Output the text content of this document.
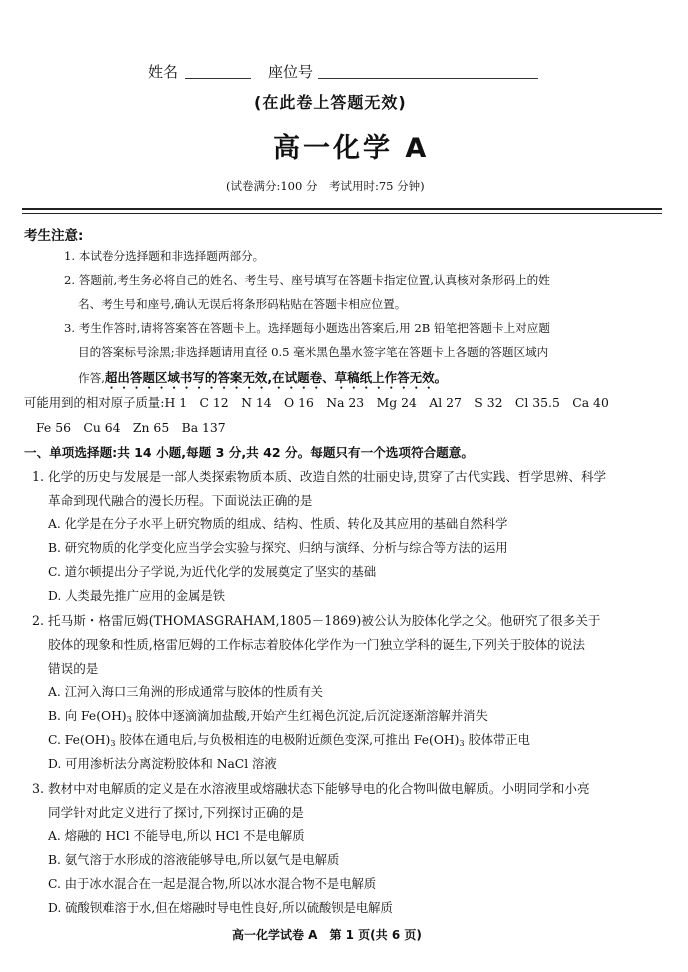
姓名	座位号
(在此卷上答题无效)
高一化学 A
(试卷满分:100 分　考试用时:75 分钟)
考生注意:
1. 本试卷分选择题和非选择题两部分。
2. 答题前,考生务必将自己的姓名、考生号、座号填写在答题卡指定位置,认真核对条形码上的姓
名、考生号和座号,确认无误后将条形码粘贴在答题卡相应位置。
3. 考生作答时,请将答案答在答题卡上。选择题每小题选出答案后,用 2B 铅笔把答题卡上对应题
目的答案标号涂黑;非选择题请用直径 0.5 毫米黑色墨水签字笔在答题卡上各题的答题区域内
作答,超出答题区域书写的答案无效,在试题卷、草稿纸上作答无效。
可能用到的相对原子质量:H 1　C 12　N 14　O 16　Na 23　Mg 24　Al 27　S 32　Cl 35.5　Ca 40
Fe 56　Cu 64　Zn 65　Ba 137
一、单项选择题:共 14 小题,每题 3 分,共 42 分。每题只有一个选项符合题意。
1. 化学的历史与发展是一部人类探索物质本质、改造自然的壮丽史诗,贯穿了古代实践、哲学思辨、科学
革命到现代融合的漫长历程。下面说法正确的是
A. 化学是在分子水平上研究物质的组成、结构、性质、转化及其应用的基础自然科学
B. 研究物质的化学变化应当学会实验与探究、归纳与演绎、分析与综合等方法的运用
C. 道尔顿提出分子学说,为近代化学的发展奠定了坚实的基础
D. 人类最先推广应用的金属是铁
2. 托马斯・格雷厄姆(THOMASGRAHAM,1805－1869)被公认为胶体化学之父。他研究了很多关于
胶体的现象和性质,格雷厄姆的工作标志着胶体化学作为一门独立学科的诞生,下列关于胶体的说法
错误的是
A. 江河入海口三角洲的形成通常与胶体的性质有关
B. 向 $Fe(OH)_3$ 胶体中逐滴滴加盐酸,开始产生红褐色沉淀,后沉淀逐渐溶解并消失
C. $Fe(OH)_3$ 胶体在通电后,与负极相连的电极附近颜色变深,可推出 $Fe(OH)_3$ 胶体带正电
D. 可用渗析法分离淀粉胶体和 NaCl 溶液
3. 教材中对电解质的定义是在水溶液里或熔融状态下能够导电的化合物叫做电解质。小明同学和小亮
同学针对此定义进行了探讨,下列探讨正确的是
A. 熔融的 HCl 不能导电,所以 HCl 不是电解质
B. 氨气溶于水形成的溶液能够导电,所以氨气是电解质
C. 由于冰水混合在一起是混合物,所以冰水混合物不是电解质
D. 硫酸钡难溶于水,但在熔融时导电性良好,所以硫酸钡是电解质
高一化学试卷 A　第 1 页(共 6 页)
